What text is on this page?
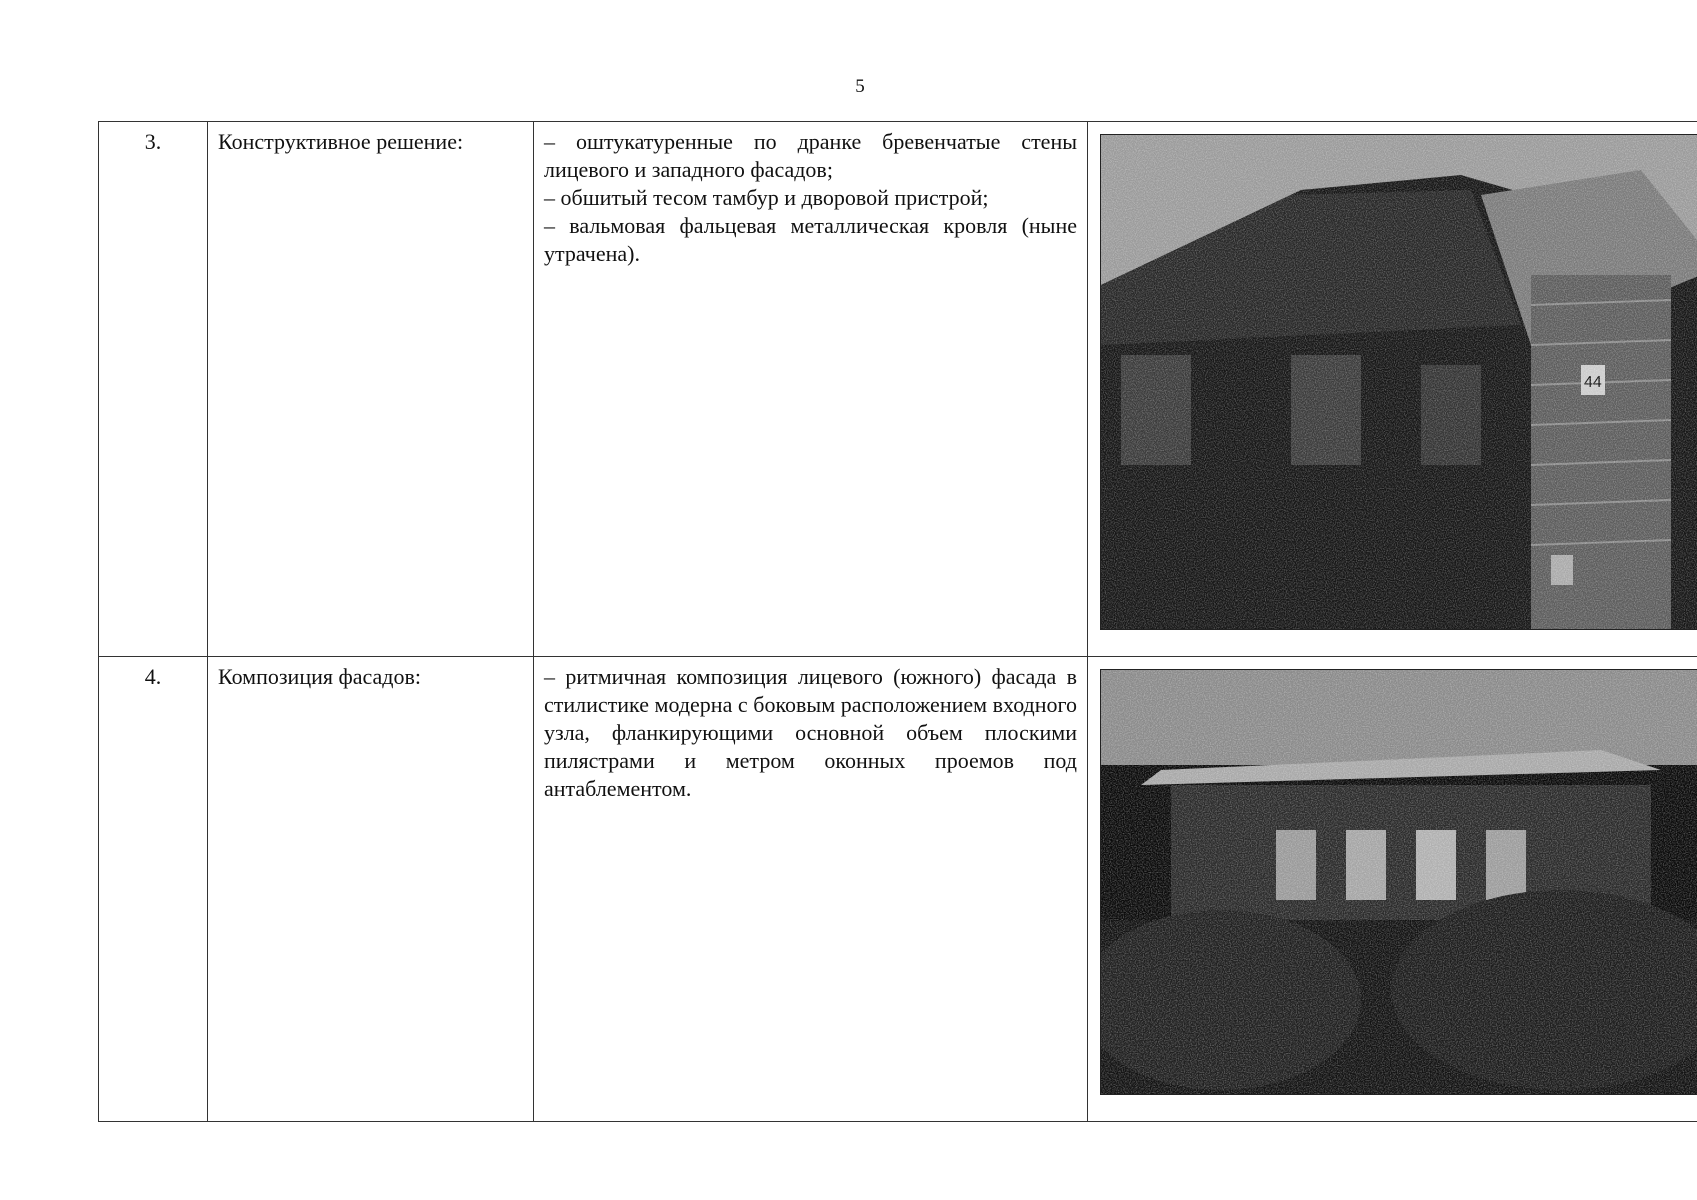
5
3.	Конструктивное решение:	– оштукатуренные по дранке бревенчатые стены лицевого и западного фасадов;
– обшитый тесом тамбур и дворовой пристрой;
– вальмовая фальцевая металлическая кровля (ныне утрачена).

4.	Композиция фасадов:	– ритмичная композиция лицевого (южного) фасада в стилистике модерна с боковым расположением входного узла, фланкирующими основной объем плоскими пилястрами и метром оконных проемов под антаблементом.
